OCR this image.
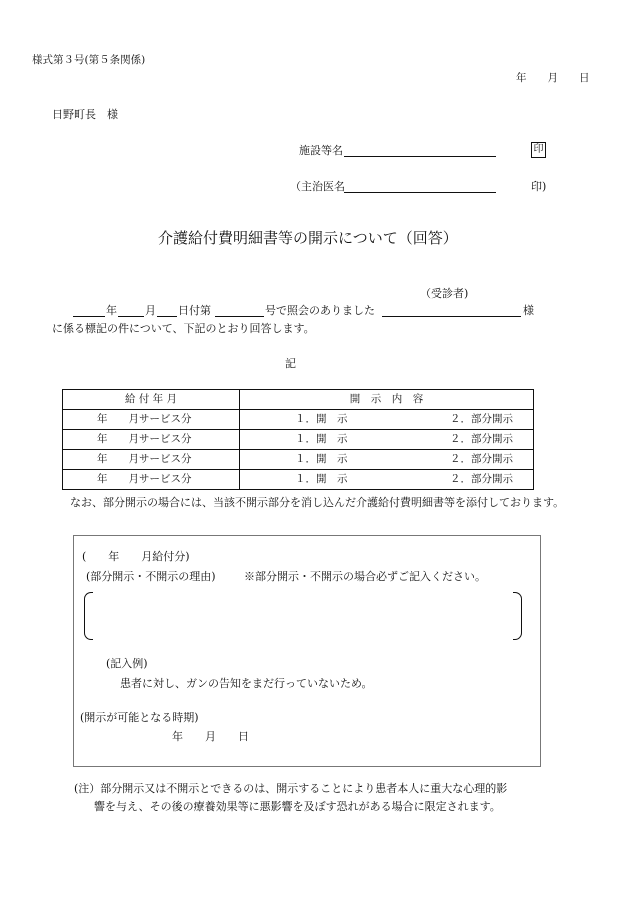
様式第３号(第５条関係)
年　　月　　日
日野町長　様
施設等名	印
（主治医名	印)
介護給付費明細書等の開示について（回答）
（受診者)
年	月 日付第	号で照会のありました	様
に係る標記の件について、下記のとおり回答します。
記
給 付 年 月	開　示　内　容
年　　月サービス分	１．開　示 ２．部分開示
年　　月サービス分	１．開　示 ２．部分開示
年　　月サービス分	１．開　示 ２．部分開示
年　　月サービス分	１．開　示 ２．部分開示
なお、部分開示の場合には、当該不開示部分を消し込んだ介護給付費明細書等を添付しております。
(　　年　　月給付分)
(部分開示・不開示の理由)	※部分開示・不開示の場合必ずご記入ください。
(記入例)
患者に対し、ガンの告知をまだ行っていないため。
(開示が可能となる時期)
年　　月　　日
(注）部分開示又は不開示とできるのは、開示することにより患者本人に重大な心理的影
響を与え、その後の療養効果等に悪影響を及ぼす恐れがある場合に限定されます。
